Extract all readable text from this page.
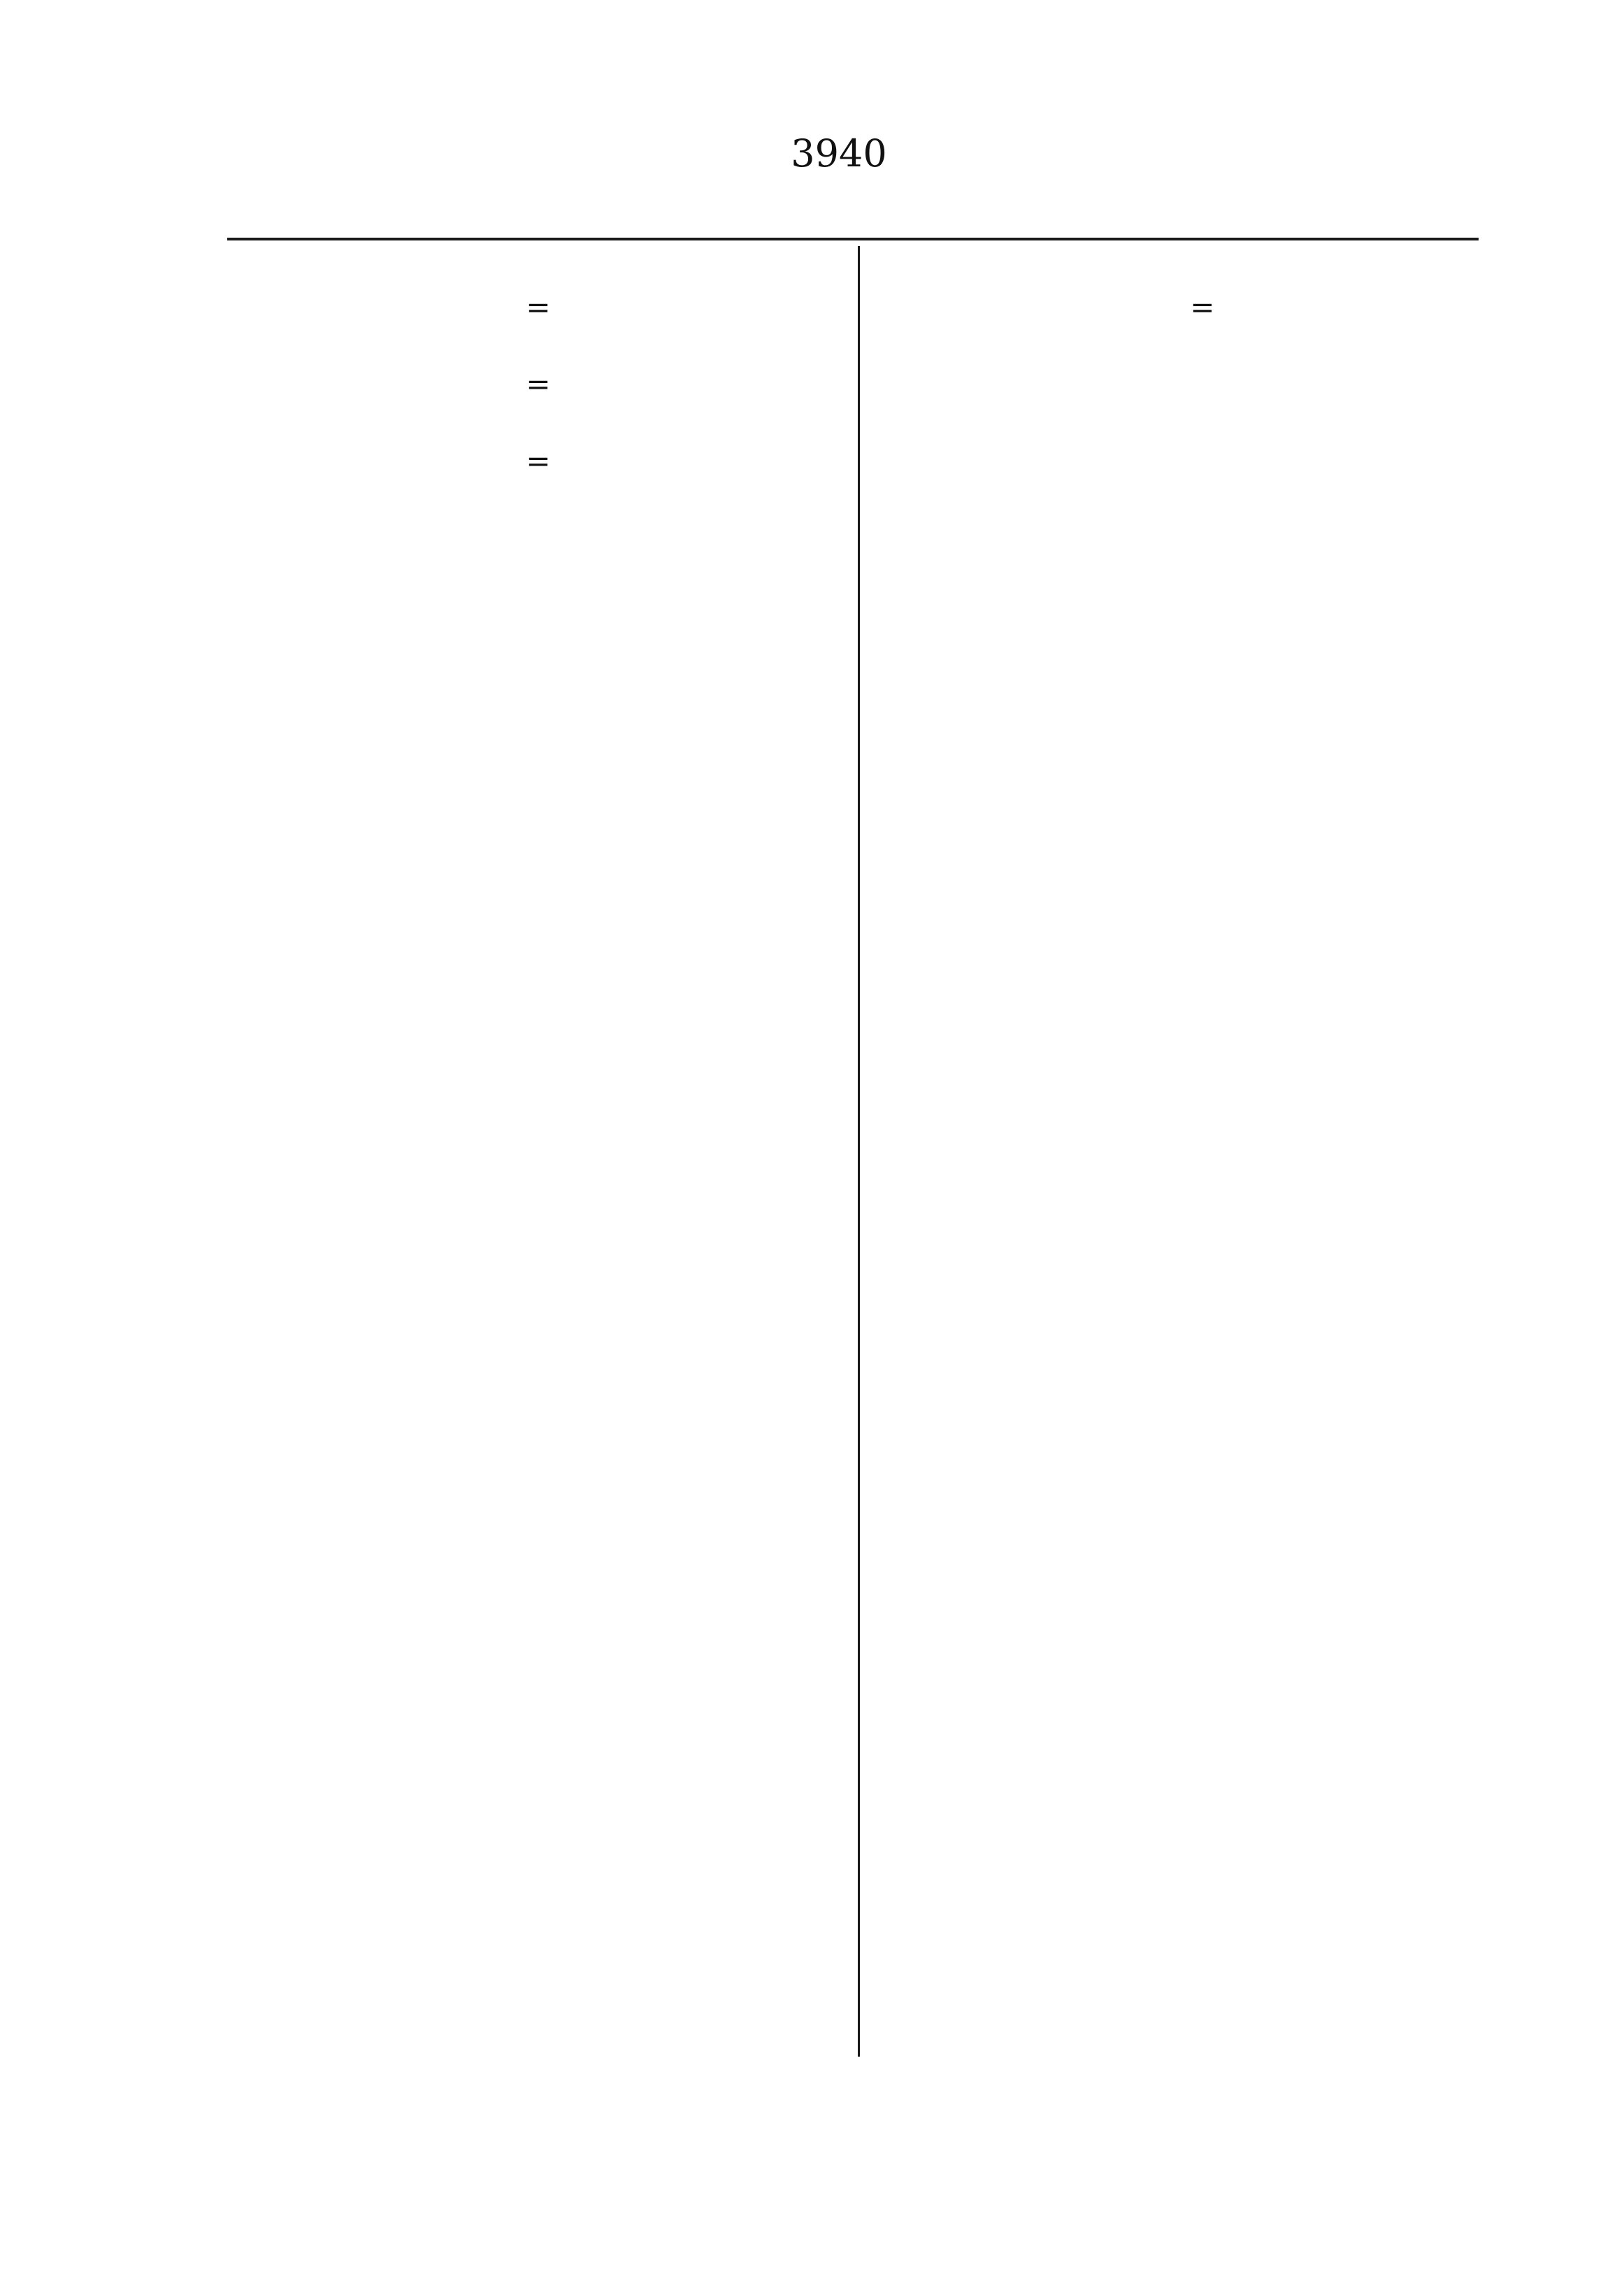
3940

=

=

=

=
